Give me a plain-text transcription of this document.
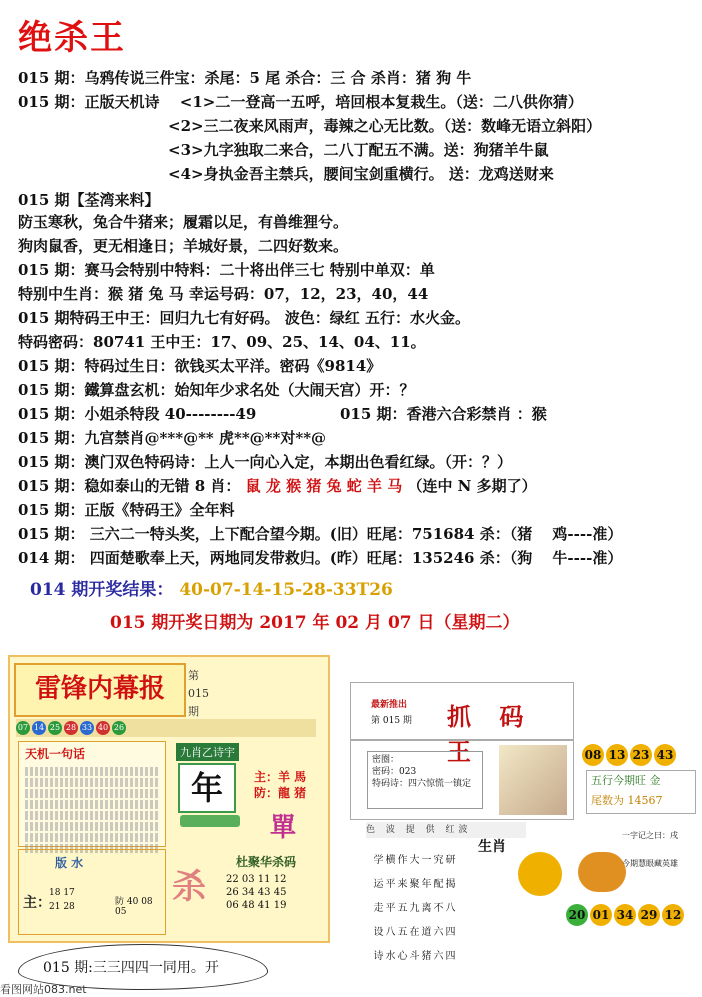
绝杀王
015 期：乌鸦传说三件宝：杀尾：5 尾 杀合：三 合 杀肖：猪 狗 牛
015 期：正版天机诗　 <1>二一登高一五呼，培回根本复栽生。（送：二八供你猜）
<2>三二夜来风雨声，毒辣之心无比数。（送：数峰无语立斜阳）
<3>九字独取二来合，二八丁配五不满。送：狗猪羊牛鼠
<4>身执金吾主禁兵，腰间宝剑重横行。 送：龙鸡送财来
015 期【荃湾来料】
防玉寒秋，兔合牛猪来；履霜以足，有兽维狸兮。
狗肉鼠香，更无相逢日；羊城好景，二四好数来。
015 期：赛马会特别中特料：二十将出伴三七 特别中单双：单
特别中生肖：猴 猪 兔 马 幸运号码：07，12，23，40，44
015 期特码王中王：回归九七有好码。 波色：绿红 五行：水火金。
特码密码：80741 王中王：17、09、25、14、04、11。
015 期：特码过生日：欲钱买太平洋。密码《9814》
015 期：鐵算盘玄机：始知年少求名处（大闹天宫）开：？
015 期：小姐杀特段 40--------49	015 期：香港六合彩禁肖 ：猴
015 期：九宫禁肖@***@** 虎**@**对**@
015 期：澳门双色特码诗：上人一向心入定，本期出色看红绿。（开：？）
015 期：稳如泰山的无错 8 肖： 鼠 龙 猴 猪 兔 蛇 羊 马 （连中 N 多期了）
015 期：正版《特码王》全年料
015 期： 三六二一特头奖，上下配合望今期。(旧）旺尾：751684 杀：（猪　 鸡----准）
014 期： 四面楚歌奉上天，两地同发带救归。(昨）旺尾：135246 杀：（狗　 牛----准）
014 期开奖结果： 40-07-14-15-28-33T26
015 期开奖日期为 2017 年 02 月 07 日（星期二）
雷锋内幕报	第
015
期
07 14 25 28 33 40 26
天机一句话	九肖乙诗宇
年	主：羊 馬
防：龍 猪
單
版 水
主：
18 17
21 28	防 40 08 05
杀
杜聚华杀码
22 03 11 12
26 34 43 45
06 48 41 19
最新推出
第 015 期 抓 码 王
密圈：
密码：023
特码诗：四六惊慌一镇定
08 13 23 43
五行今期旺 金
尾数为 14567
色 波 提 供 红波
生肖
研究一大作横学
揭配年聚来平运
八不离九五平走
四六道在五八设
四六猪斗心水诗
一字记之曰：戌
今期慧眼藏英雄
20 01 34 29 12
015 期:三三四四一同用。开
看图网站083.net
